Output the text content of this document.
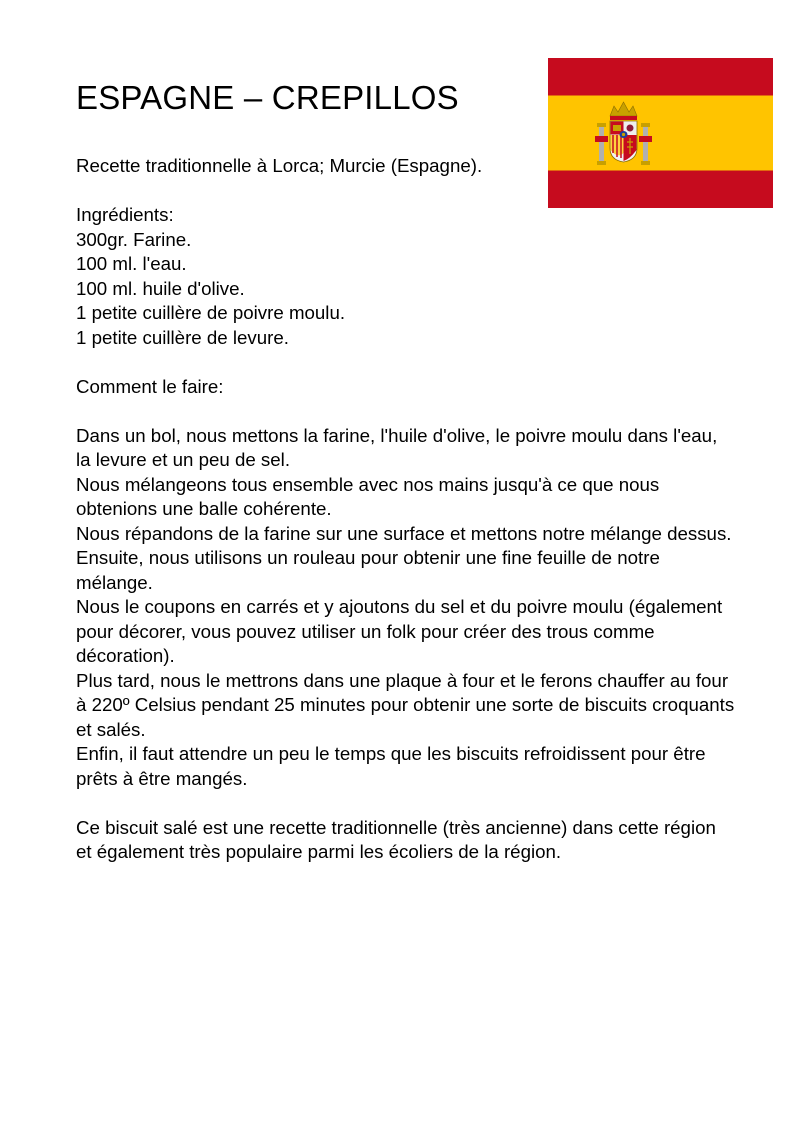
ESPAGNE – CREPILLOS

Recette traditionnelle à Lorca; Murcie (Espagne).

Ingrédients:

300gr. Farine.

100 ml. l'eau.

100 ml. huile d'olive.

1 petite cuillère de poivre moulu.

1 petite cuillère de levure.

Comment le faire:

Dans un bol, nous mettons la farine, l'huile d'olive, le poivre moulu dans l'eau, la levure et un peu de sel.

Nous mélangeons tous ensemble avec nos mains jusqu'à ce que nous obtenions une balle cohérente.

Nous répandons de la farine sur une surface et mettons notre mélange dessus.

Ensuite, nous utilisons un rouleau pour obtenir une fine feuille de notre mélange.

Nous le coupons en carrés et y ajoutons du sel et du poivre moulu (également pour décorer, vous pouvez utiliser un folk pour créer des trous comme décoration).

Plus tard, nous le mettrons dans une plaque à four et le ferons chauffer au four à 220º Celsius pendant 25 minutes pour obtenir une sorte de biscuits croquants et salés.

Enfin, il faut attendre un peu le temps que les biscuits refroidissent pour être prêts à être mangés.

Ce biscuit salé est une recette traditionnelle (très ancienne) dans cette région et également très populaire parmi les écoliers de la région.
